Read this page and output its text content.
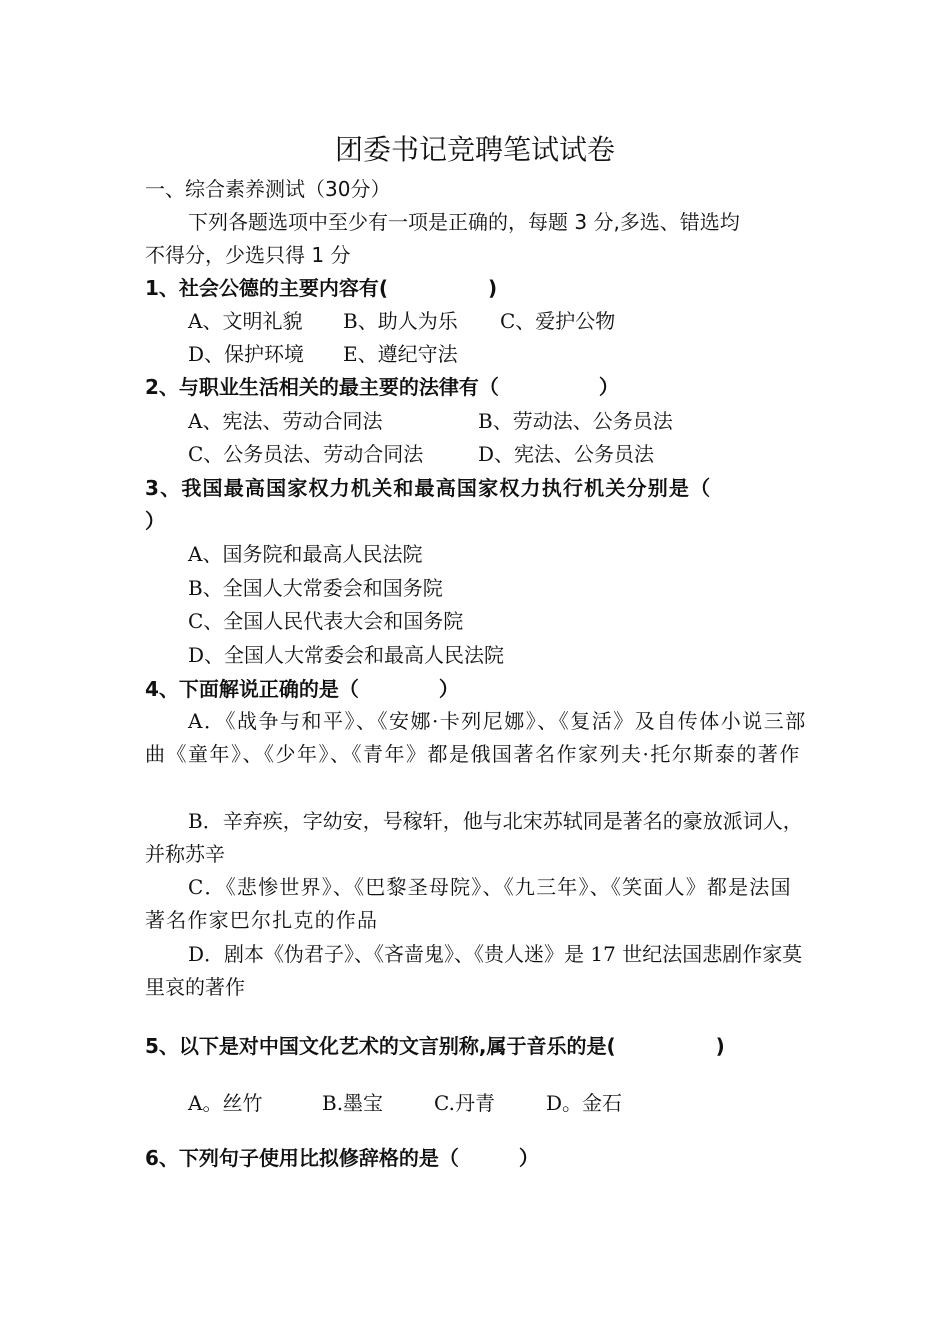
团委书记竞聘笔试试卷
一、综合素养测试（30分）
下列各题选项中至少有一项是正确的，每题 3 分,多选、错选均
不得分，少选只得 1 分
1、社会公德的主要内容有(　　　　　)
A、文明礼貌 B、助人为乐 C、爱护公物
D、保护环境 E、遵纪守法
2、与职业生活相关的最主要的法律有（　　　　　）
A、宪法、劳动合同法	B、劳动法、公务员法
C、公务员法、劳动合同法	D、宪法、公务员法
3、我国最高国家权力机关和最高国家权力执行机关分别是（
）
A、国务院和最高人民法院
B、全国人大常委会和国务院
C、全国人民代表大会和国务院
D、全国人大常委会和最高人民法院
4、下面解说正确的是（　　　　）
A．《战争与和平》、《安娜·卡列尼娜》、《复活》及自传体小说三部曲《童年》、《少年》、《青年》都是俄国著名作家列夫·托尔斯泰的著作
B．辛弃疾，字幼安，号稼轩，他与北宋苏轼同是著名的豪放派词人，并称苏辛
C．《悲惨世界》、《巴黎圣母院》、《九三年》、《笑面人》都是法国著名作家巴尔扎克的作品
D．剧本《伪君子》、《吝啬鬼》、《贵人迷》是 17 世纪法国悲剧作家莫里哀的著作
5、以下是对中国文化艺术的文言别称,属于音乐的是(　　　　　)
A。丝竹	B.墨宝	C.丹青	D。金石
6、下列句子使用比拟修辞格的是（　　　）
